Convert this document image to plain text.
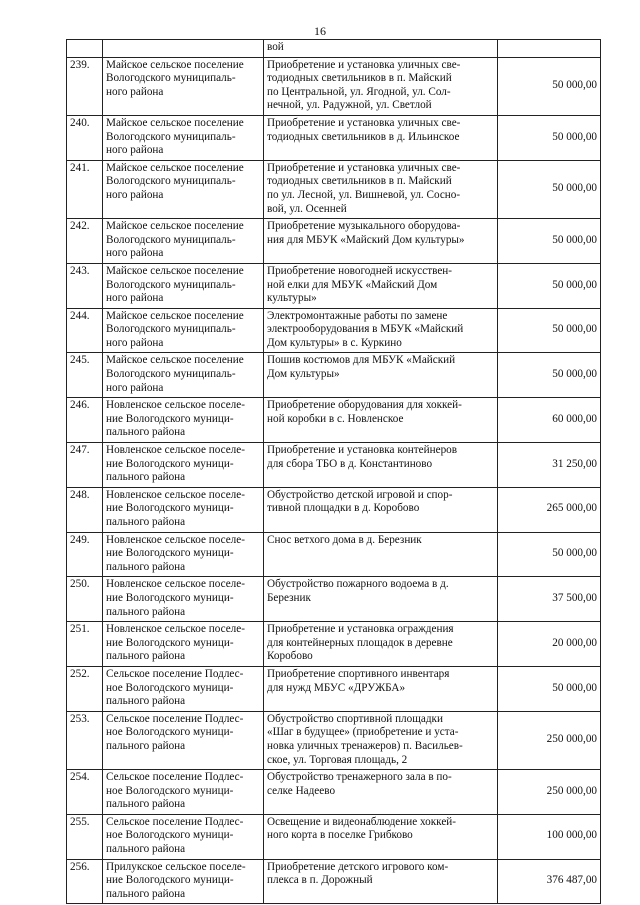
16
		вой	
239.	Майское сельское поселение
Вологодского муниципаль-
ного района	Приобретение и установка уличных све-
тодиодных светильников в п. Майский
по Центральной, ул. Ягодной, ул. Сол-
нечной, ул. Радужной, ул. Светлой	50 000,00
240.	Майское сельское поселение
Вологодского муниципаль-
ного района	Приобретение и установка уличных све-
тодиодных светильников в д. Ильинское	50 000,00
241.	Майское сельское поселение
Вологодского муниципаль-
ного района	Приобретение и установка уличных све-
тодиодных светильников в п. Майский
по ул. Лесной, ул. Вишневой, ул. Сосно-
вой, ул. Осенней	50 000,00
242.	Майское сельское поселение
Вологодского муниципаль-
ного района	Приобретение музыкального оборудова-
ния для МБУК «Майский Дом культуры»	50 000,00
243.	Майское сельское поселение
Вологодского муниципаль-
ного района	Приобретение новогодней искусствен-
ной елки для МБУК «Майский Дом
культуры»	50 000,00
244.	Майское сельское поселение
Вологодского муниципаль-
ного района	Электромонтажные работы по замене
электрооборудования в МБУК «Майский
Дом культуры» в с. Куркино	50 000,00
245.	Майское сельское поселение
Вологодского муниципаль-
ного района	Пошив костюмов для МБУК «Майский
Дом культуры»	50 000,00
246.	Новленское сельское поселе-
ние Вологодского муници-
пального района	Приобретение оборудования для хоккей-
ной коробки в с. Новленское	60 000,00
247.	Новленское сельское поселе-
ние Вологодского муници-
пального района	Приобретение и установка контейнеров
для сбора ТБО в д. Константиново	31 250,00
248.	Новленское сельское поселе-
ние Вологодского муници-
пального района	Обустройство детской игровой и спор-
тивной площадки в д. Коробово	265 000,00
249.	Новленское сельское поселе-
ние Вологодского муници-
пального района	Снос ветхого дома в д. Березник	50 000,00
250.	Новленское сельское поселе-
ние Вологодского муници-
пального района	Обустройство пожарного водоема в д.
Березник	37 500,00
251.	Новленское сельское поселе-
ние Вологодского муници-
пального района	Приобретение и установка ограждения
для контейнерных площадок в деревне
Коробово	20 000,00
252.	Сельское поселение Подлес-
ное Вологодского муници-
пального района	Приобретение спортивного инвентаря
для нужд МБУС «ДРУЖБА»	50 000,00
253.	Сельское поселение Подлес-
ное Вологодского муници-
пального района	Обустройство спортивной площадки
«Шаг в будущее» (приобретение и уста-
новка уличных тренажеров) п. Васильев-
ское, ул. Торговая площадь, 2	250 000,00
254.	Сельское поселение Подлес-
ное Вологодского муници-
пального района	Обустройство тренажерного зала в по-
селке Надеево	250 000,00
255.	Сельское поселение Подлес-
ное Вологодского муници-
пального района	Освещение и видеонаблюдение хоккей-
ного корта в поселке Грибково	100 000,00
256.	Прилукское сельское поселе-
ние Вологодского муници-
пального района	Приобретение детского игрового ком-
плекса в п. Дорожный	376 487,00
